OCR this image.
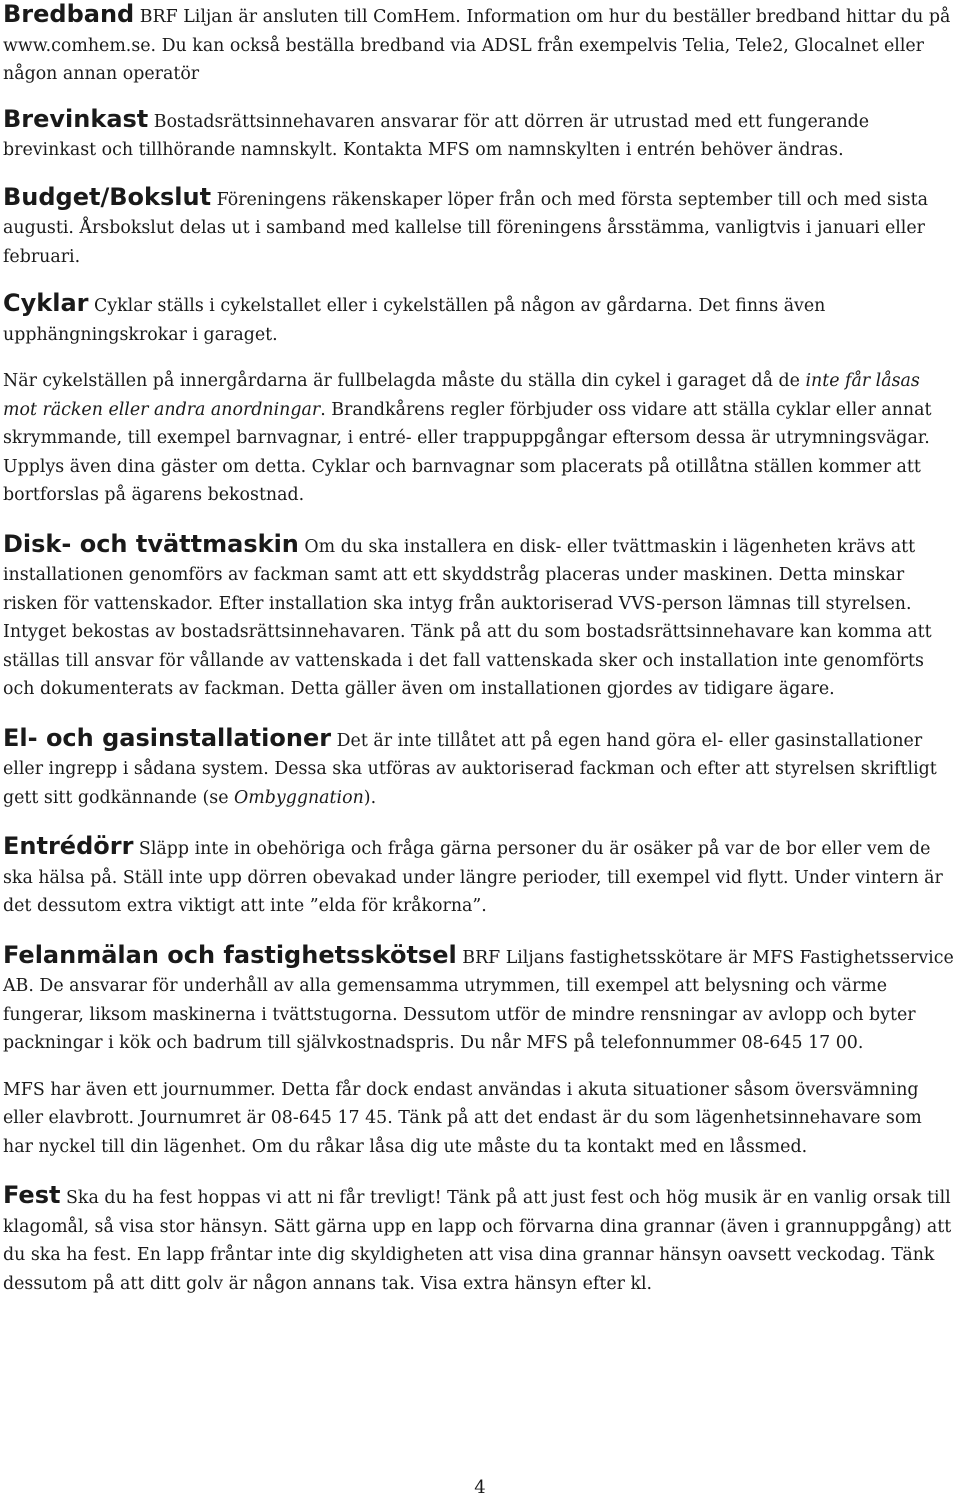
Bredband BRF Liljan är ansluten till ComHem. Information om hur du beställer bredband hittar du på www.comhem.se. Du kan också beställa bredband via ADSL från exempelvis Telia, Tele2, Glocalnet eller någon annan operatör

Brevinkast Bostadsrättsinnehavaren ansvarar för att dörren är utrustad med ett fungerande brevinkast och tillhörande namnskylt. Kontakta MFS om namnskylten i entrén behöver ändras.

Budget/Bokslut Föreningens räkenskaper löper från och med första september till och med sista augusti. Årsbokslut delas ut i samband med kallelse till föreningens årsstämma, vanligtvis i januari eller februari.

Cyklar Cyklar ställs i cykelstallet eller i cykelställen på någon av gårdarna. Det finns även upphängningskrokar i garaget.

När cykelställen på innergårdarna är fullbelagda måste du ställa din cykel i garaget då de inte får låsas mot räcken eller andra anordningar. Brandkårens regler förbjuder oss vidare att ställa cyklar eller annat skrymmande, till exempel barnvagnar, i entré- eller trappuppgångar eftersom dessa är utrymningsvägar. Upplys även dina gäster om detta. Cyklar och barnvagnar som placerats på otillåtna ställen kommer att bortforslas på ägarens bekostnad.

Disk- och tvättmaskin Om du ska installera en disk- eller tvättmaskin i lägenheten krävs att installationen genomförs av fackman samt att ett skyddstråg placeras under maskinen. Detta minskar risken för vattenskador. Efter installation ska intyg från auktoriserad VVS-person lämnas till styrelsen. Intyget bekostas av bostadsrättsinnehavaren. Tänk på att du som bostadsrättsinnehavare kan komma att ställas till ansvar för vållande av vattenskada i det fall vattenskada sker och installation inte genomförts och dokumenterats av fackman. Detta gäller även om installationen gjordes av tidigare ägare.

El- och gasinstallationer Det är inte tillåtet att på egen hand göra el- eller gasinstallationer eller ingrepp i sådana system. Dessa ska utföras av auktoriserad fackman och efter att styrelsen skriftligt gett sitt godkännande (se Ombyggnation).

Entrédörr Släpp inte in obehöriga och fråga gärna personer du är osäker på var de bor eller vem de ska hälsa på. Ställ inte upp dörren obevakad under längre perioder, till exempel vid flytt. Under vintern är det dessutom extra viktigt att inte ”elda för kråkorna”.

Felanmälan och fastighetsskötsel BRF Liljans fastighetsskötare är MFS Fastighetsservice AB. De ansvarar för underhåll av alla gemensamma utrymmen, till exempel att belysning och värme fungerar, liksom maskinerna i tvättstugorna. Dessutom utför de mindre rensningar av avlopp och byter packningar i kök och badrum till självkostnadspris. Du når MFS på telefonnummer 08-645 17 00.

MFS har även ett journummer. Detta får dock endast användas i akuta situationer såsom översvämning eller elavbrott. Journumret är 08-645 17 45. Tänk på att det endast är du som lägenhetsinnehavare som har nyckel till din lägenhet. Om du råkar låsa dig ute måste du ta kontakt med en låssmed.

Fest Ska du ha fest hoppas vi att ni får trevligt! Tänk på att just fest och hög musik är en vanlig orsak till klagomål, så visa stor hänsyn. Sätt gärna upp en lapp och förvarna dina grannar (även i grannuppgång) att du ska ha fest. En lapp fråntar inte dig skyldigheten att visa dina grannar hänsyn oavsett veckodag. Tänk dessutom på att ditt golv är någon annans tak. Visa extra hänsyn efter kl.

4
